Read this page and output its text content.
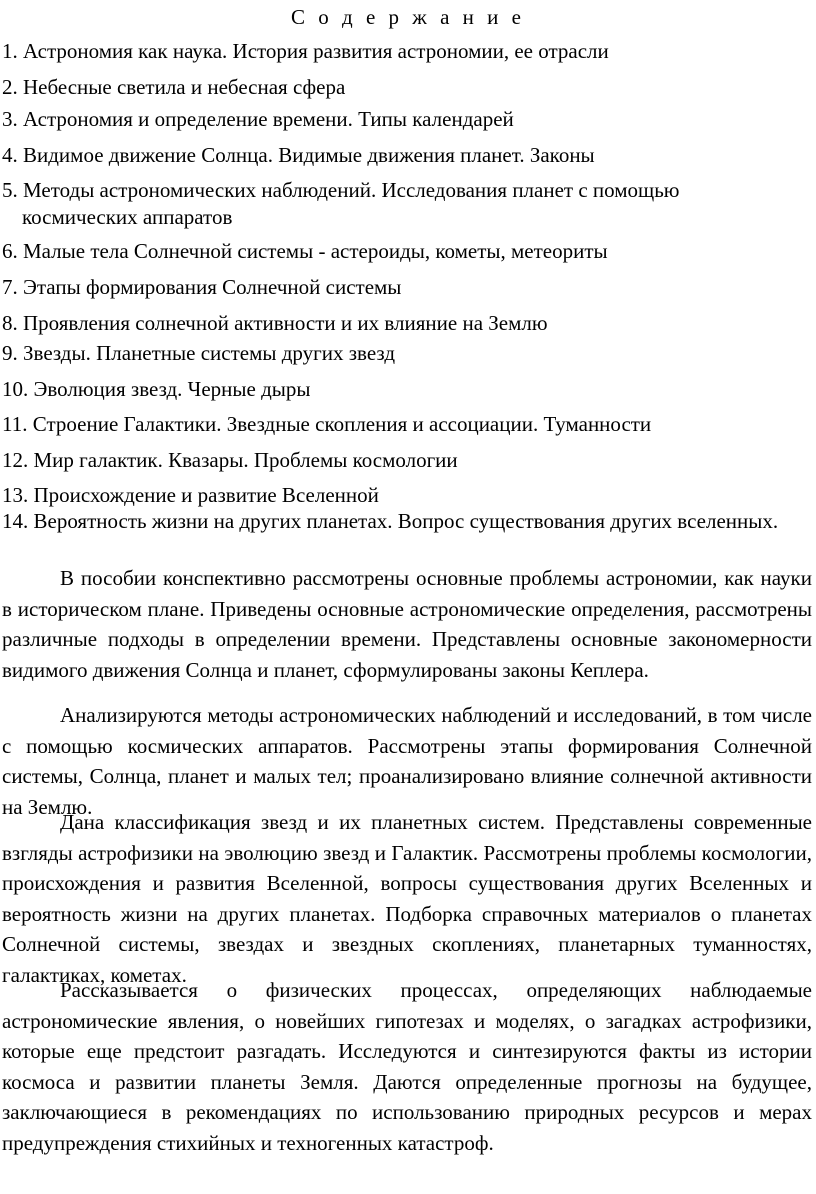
С о д е р ж а н и е
1. Астрономия как наука. История развития астрономии, ее отрасли
2. Небесные светила и небесная сфера
3. Астрономия и определение времени. Типы календарей
4. Видимое движение Солнца. Видимые движения планет. Законы
5. Методы астрономических наблюдений. Исследования планет с помощью
космических аппаратов
6. Малые тела Солнечной системы - астероиды, кометы, метеориты
7. Этапы формирования Солнечной системы
8. Проявления солнечной активности и их влияние на Землю
9. Звезды. Планетные системы других звезд
10. Эволюция звезд. Черные дыры
11. Строение Галактики. Звездные скопления и ассоциации. Туманности
12. Мир галактик. Квазары. Проблемы космологии
13. Происхождение и развитие Вселенной
14. Вероятность жизни на других планетах. Вопрос существования других вселенных.
В пособии конспективно рассмотрены основные проблемы астрономии, как науки в историческом плане. Приведены основные астрономические определения, рассмотрены различные подходы в определении времени. Представлены основные закономерности видимого движения Солнца и планет, сформулированы законы Кеплера.
Анализируются методы астрономических наблюдений и исследований, в том числе с помощью космических аппаратов. Рассмотрены этапы формирования Солнечной системы, Солнца, планет и малых тел; проанализировано влияние солнечной активности на Землю.
Дана классификация звезд и их планетных систем. Представлены современные взгляды астрофизики на эволюцию звезд и Галактик. Рассмотрены проблемы космологии, происхождения и развития Вселенной, вопросы существования других Вселенных и вероятность жизни на других планетах. Подборка справочных материалов о планетах Солнечной системы, звездах и звездных скоплениях, планетарных туманностях, галактиках, кометах.
Рассказывается о физических процессах, определяющих наблюдаемые астрономические явления, о новейших гипотезах и моделях, о загадках астрофизики, которые еще предстоит разгадать. Исследуются и синтезируются факты из истории космоса и развитии планеты Земля. Даются определенные прогнозы на будущее, заключающиеся в рекомендациях по использованию природных ресурсов и мерах предупреждения стихийных и техногенных катастроф.
